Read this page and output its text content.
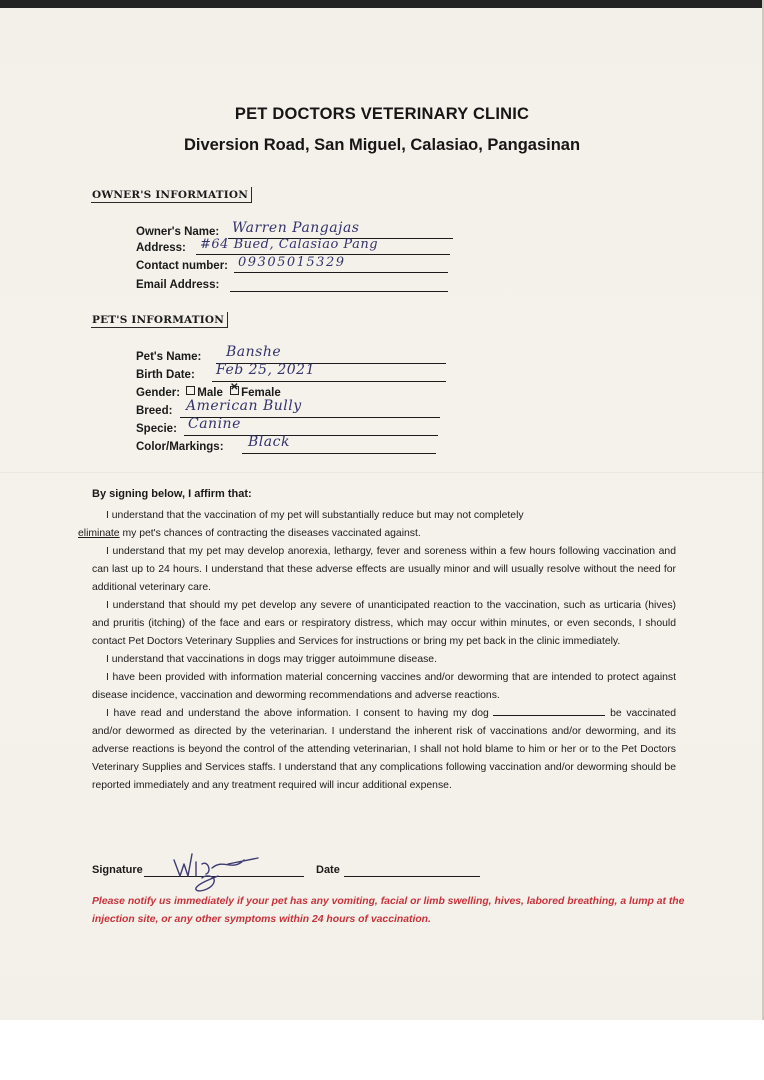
PET DOCTORS VETERINARY CLINIC
Diversion Road, San Miguel, Calasiao, Pangasinan
OWNER'S INFORMATION
Owner's Name: Warren Pangajas
Address: #64 Bued, Calasiao Pang
Contact number: 09305015329
Email Address:
PET'S INFORMATION
Pet's Name: Banshe
Birth Date: Feb 25, 2021
Gender: Male ✕ Female
Breed: American Bully
Specie: Canine
Color/Markings: Black
By signing below, I affirm that:

I understand that the vaccination of my pet will substantially reduce but may not completely
eliminate my pet's chances of contracting the diseases vaccinated against.

I understand that my pet may develop anorexia, lethargy, fever and soreness within a few hours following vaccination and can last up to 24 hours. I understand that these adverse effects are usually minor and will usually resolve without the need for additional veterinary care.

I understand that should my pet develop any severe of unanticipated reaction to the vaccination, such as urticaria (hives) and pruritis (itching) of the face and ears or respiratory distress, which may occur within minutes, or even seconds, I should contact Pet Doctors Veterinary Supplies and Services for instructions or bring my pet back in the clinic immediately.

I understand that vaccinations in dogs may trigger autoimmune disease.

I have been provided with information material concerning vaccines and/or deworming that are intended to protect against disease incidence, vaccination and deworming recommendations and adverse reactions.

I have read and understand the above information. I consent to having my dog	be vaccinated and/or dewormed as directed by the veterinarian. I understand the inherent risk of vaccinations and/or deworming, and its adverse reactions is beyond the control of the attending veterinarian, I shall not hold blame to him or her or to the Pet Doctors Veterinary Supplies and Services staffs. I understand that any complications following vaccination and/or deworming should be reported immediately and any treatment required will incur additional expense.

Signature	Date
Please notify us immediately if your pet has any vomiting, facial or limb swelling, hives, labored breathing, a lump at the injection site, or any other symptoms within 24 hours of vaccination.
